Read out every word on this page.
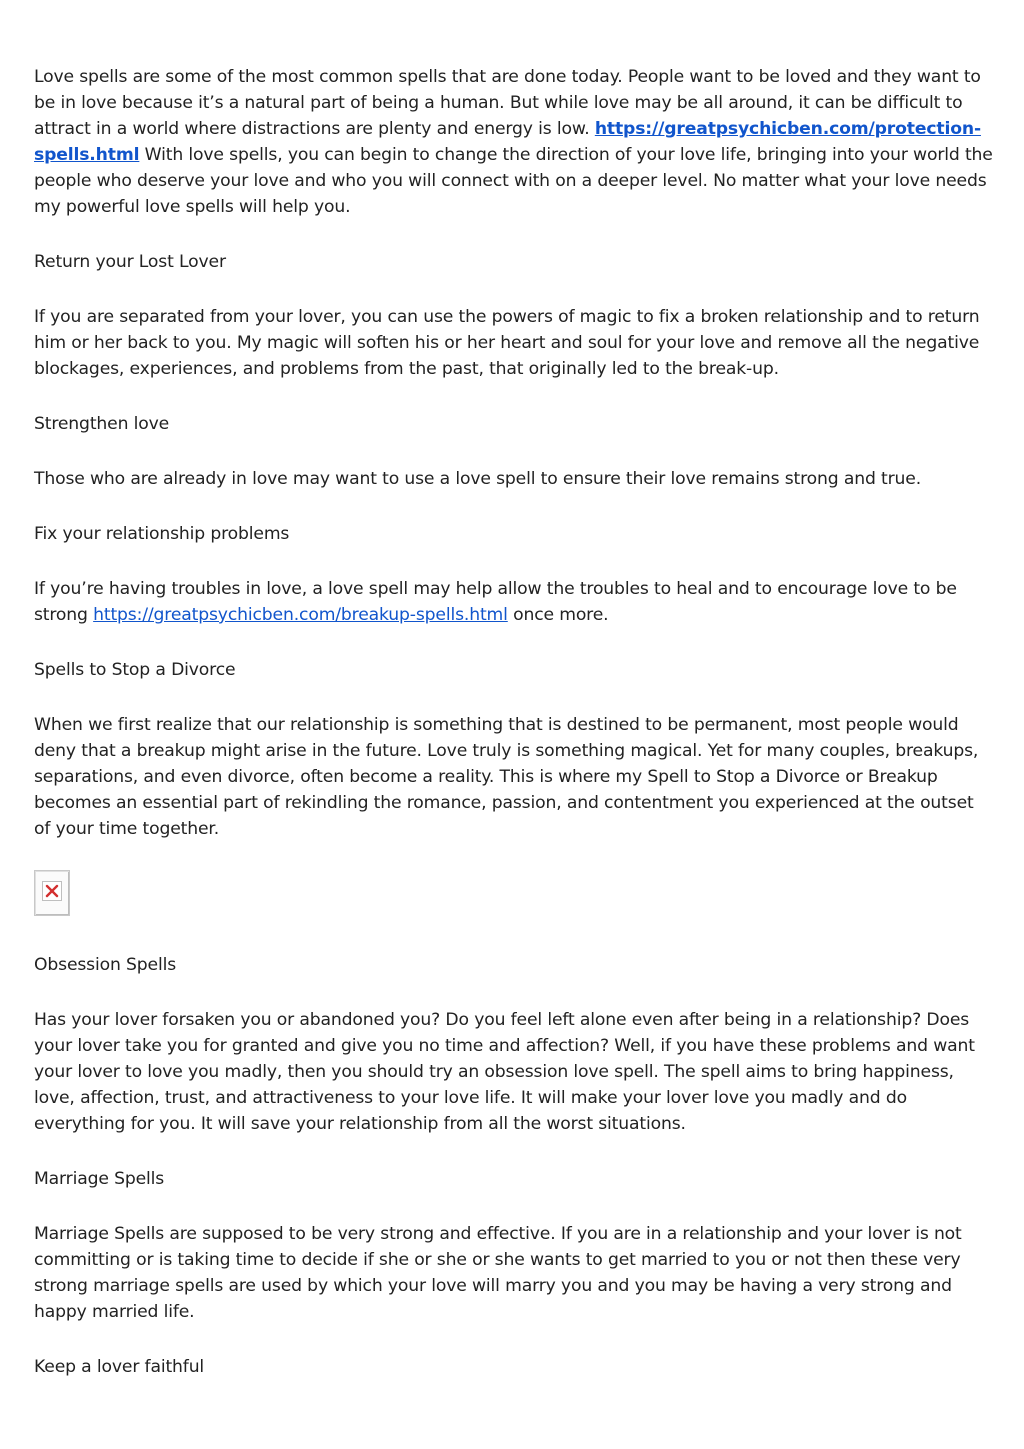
Love spells are some of the most common spells that are done today. People want to be loved and they want to be in love because it’s a natural part of being a human. But while love may be all around, it can be difficult to attract in a world where distractions are plenty and energy is low. https://greatpsychicben.com/protection-spells.html With love spells, you can begin to change the direction of your love life, bringing into your world the people who deserve your love and who you will connect with on a deeper level. No matter what your love needs my powerful love spells will help you.

Return your Lost Lover

If you are separated from your lover, you can use the powers of magic to fix a broken relationship and to return him or her back to you. My magic will soften his or her heart and soul for your love and remove all the negative blockages, experiences, and problems from the past, that originally led to the break-up.

Strengthen love

Those who are already in love may want to use a love spell to ensure their love remains strong and true.

Fix your relationship problems

If you’re having troubles in love, a love spell may help allow the troubles to heal and to encourage love to be strong https://greatpsychicben.com/breakup-spells.html once more.

Spells to Stop a Divorce

When we first realize that our relationship is something that is destined to be permanent, most people would deny that a breakup might arise in the future. Love truly is something magical. Yet for many couples, breakups, separations, and even divorce, often become a reality. This is where my Spell to Stop a Divorce or Breakup becomes an essential part of rekindling the romance, passion, and contentment you experienced at the outset of your time together.

Obsession Spells

Has your lover forsaken you or abandoned you? Do you feel left alone even after being in a relationship? Does your lover take you for granted and give you no time and affection? Well, if you have these problems and want your lover to love you madly, then you should try an obsession love spell. The spell aims to bring happiness, love, affection, trust, and attractiveness to your love life. It will make your lover love you madly and do everything for you. It will save your relationship from all the worst situations.

Marriage Spells

Marriage Spells are supposed to be very strong and effective. If you are in a relationship and your lover is not committing or is taking time to decide if she or she or she wants to get married to you or not then these very strong marriage spells are used by which your love will marry you and you may be having a very strong and happy married life.

Keep a lover faithful
